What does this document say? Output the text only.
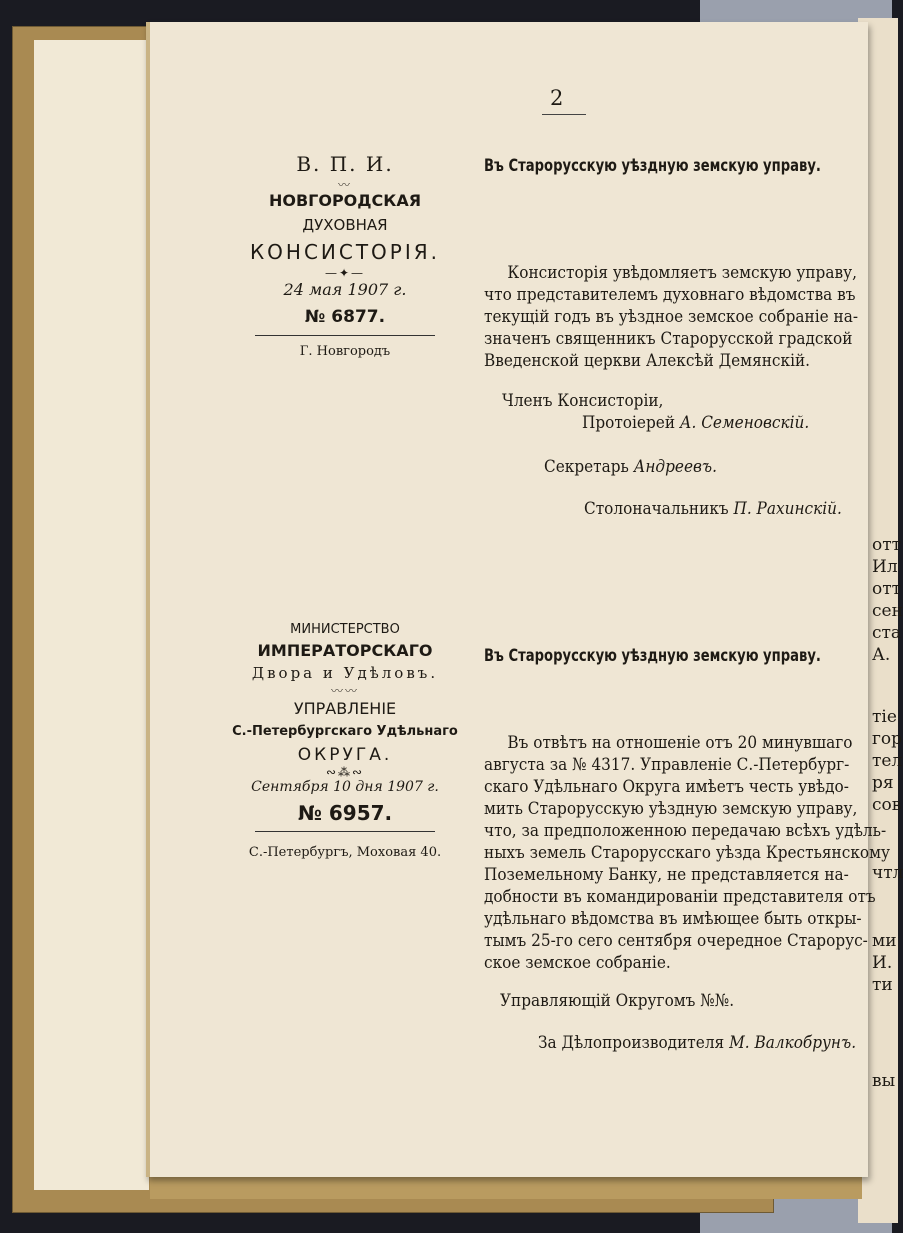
отт
Ил
отт
сен
ста
А.
тіе
гор
тел
ря
сов
чтл
ми
И.
ти
вы
2
В. П. И.
〰
НОВГОРОДСКАЯ
ДУХОВНАЯ
КОНСИСТОРІЯ.
—✦—
24 мая 1907 г.
№ 6877.
Г. Новгородъ
Въ Старорусскую уѣздную земскую управу.
Консисторія увѣдомляетъ земскую управу,
что представителемъ духовнаго вѣдомства въ
текущій годъ въ уѣздное земское собраніе на-
значенъ священникъ Старорусской градской
Введенской церкви Алексѣй Демянскій.
Членъ Консисторіи,
Протоіерей А. Семеновскій.
Секретарь Андреевъ.
Столоначальникъ П. Рахинскій.
МИНИСТЕРСТВО
ИМПЕРАТОРСКАГО
Двора и Удѣловъ.
〰〰
УПРАВЛЕНІЕ
С.-Петербургскаго Удѣльнаго
ОКРУГА.
∾⁂∾
Сентября 10 дня 1907 г.
№ 6957.
С.-Петербургъ, Моховая 40.
Въ Старорусскую уѣздную земскую управу.
Въ отвѣтъ на отношеніе отъ 20 минувшаго
августа за № 4317. Управленіе С.-Петербург-
скаго Удѣльнаго Округа имѣетъ честь увѣдо-
мить Старорусскую уѣздную земскую управу,
что, за предположенною передачаю всѣхъ удѣль-
ныхъ земель Старорусскаго уѣзда Крестьянскому
Поземельному Банку, не представляется на-
добности въ командированіи представителя отъ
удѣльнаго вѣдомства въ имѣющее быть откры-
тымъ 25-го сего сентября очередное Старорус-
ское земское собраніе.
Управляющій Округомъ №№.
За Дѣлопроизводителя М. Валкобрунъ.
